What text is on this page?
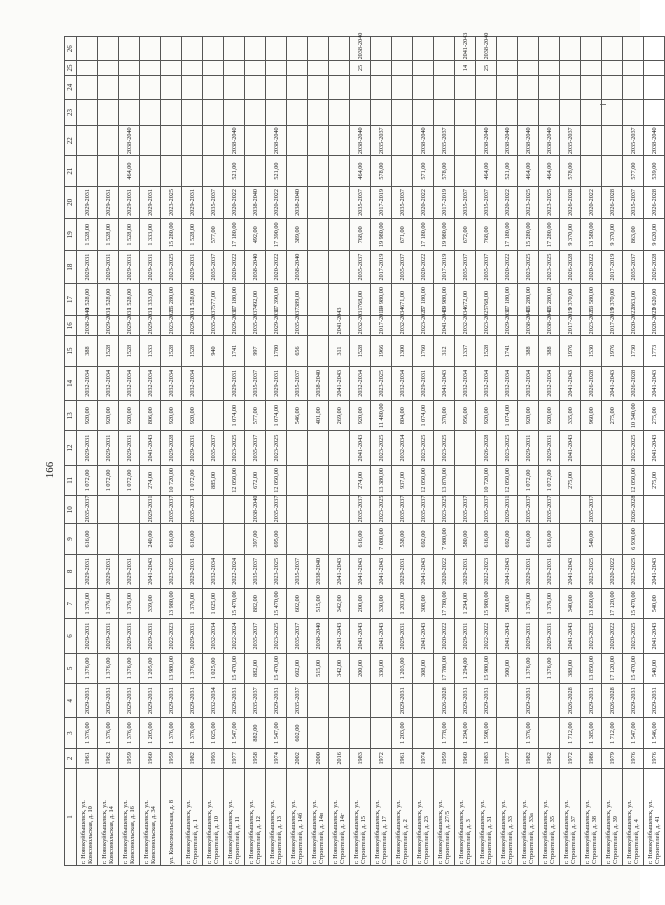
166
1	2	3	4	5	6	7	8	9	10	11	12	13	14	15	16	17	18	19	20	21	22	23	24	25	26
г. Новокуйбышевск, ул. Комсомольская, д. 10	1961	1 376,00	2029-2031	1 376,00	2029-2031	1 376,00	2029-2031	616,00	2035-2037	1 072,00	2029-2031	920,00	2032-2034	388	2038-2040	1 528,00	2029-2031	1 528,00	2029-2031						
г. Новокуйбышевск, ул. Комсомольская, д. 14	1962	1 376,00	2029-2031	1 376,00	2029-2031	1 376,00	2029-2031			1 072,00	2029-2031	920,00	2032-2034	1528	2029-2031	1 528,00	2029-2031	1 528,00	2029-2031						
г. Новокуйбышевск, ул. Комсомольская, д. 16	1959	1 376,00	2029-2031	1 376,00	2029-2031	1 376,00	2029-2031			1 072,00	2029-2031	920,00	2032-2034	1528	2029-2031	1 528,00	2029-2031	1 528,00	2029-2031	464,00	2038-2040				
г. Новокуйбышевск, ул. Комсомольская, д. 34	1960	1 205,00	2029-2031	1 205,00	2029-2031	339,00	2041-2043	240,00	2029-2031	274,00	2041-2043	806,00	2032-2034	1333	2029-2031	1 333,00	2029-2031	1 333,00	2029-2031						
ул. Комсомольская, д. 8	1959	1 376,00	2029-2031	13 980,00	2022-2023	13 980,00	2023-2025	616,00	2035-2037	10 720,00	2029-2028	920,00	2032-2034	1528	2023-2025	15 280,00	2023-2025	15 280,00	2023-2025						
г. Новокуйбышевск, ул. Строителей, д. 1	1982	1 376,00	2029-2031	1 376,00	2029-2031	1 376,00	2029-2031	616,00	2035-2037	1 072,00	2029-2031	920,00	2032-2034	1528	2029-2031	1 528,00	2029-2031	1 528,00	2029-2031						
г. Новокуйбышевск, ул. Строителей, д. 10	1993	1 025,00	2032-2034	1 025,00	2032-2034	1 025,00	2032-2034			885,00	2035-2037			940	2035-2037	577,00	2035-2037	577,00	2035-2037						
г. Новокуйбышевск, ул. Строителей, д. 11	1977	1 547,00	2029-2031	15 470,00	2022-2024	15 470,00	2022-2024			12 050,00	2023-2025	1 074,00	2029-2031	1741	2029-2031	17 180,00	2020-2022	17 180,00	2020-2022	521,00	2038-2040				
г. Новокуйбышевск, ул. Строителей, д. 12	1958	882,00	2035-2037	882,00	2035-2037	882,00	2035-2037	397,00	2038-2040	672,00	2035-2037	577,00	2035-2037	997	2035-2037	492,00	2038-2040	492,00	2038-2040						
г. Новокуйбышевск, ул. Строителей, д. 13	1974	1 547,00	2029-2031	15 470,00	2023-2025	15 470,00	2023-2025	695,00	2035-2037	12 050,00	2023-2025	1 074,00	2029-2031	1780	2029-2031	17 390,00	2020-2022	17 390,00	2020-2022	521,00	2038-2040				
г. Новокуйбышевск, ул. Строителей, д. 14б	2002	602,00	2035-2037	602,00	2035-2037	602,00	2035-2037					546,00	2035-2037	656	2035-2037	389,00	2038-2040	389,00	2038-2040						
г. Новокуйбышевск, ул. Строителей, д. 14в	2000			515,00	2038-2040	515,00	2038-2040					401,00	2038-2040												
г. Новокуйбышевск, ул. Строителей, д. 14г	2016			342,00	2041-2043	342,00	2041-2043					269,00	2041-2043	311	2041-2043										
г. Новокуйбышевск, ул. Строителей, д. 15	1983			200,00	2041-2043	200,00	2041-2043	616,00	2035-2037	274,00	2041-2043	920,00	2032-2034	1528	2032-2031	768,00	2035-2037	768,00	2035-2037	464,00	2038-2040			25	2038-2040
г. Новокуйбышевск, ул. Строителей, д. 17	1972			330,00	2041-2043	330,00	2041-2043	7 080,00	2023-2025	13 380,00	2023-2025	11 480,00	2023-2025	1966	2017-2019	19 980,00	2017-2019	19 980,00	2017-2019	578,00	2035-2037				
г. Новокуйбышевск, ул. Строителей, д. 2	1961	1 203,00	2029-2031	1 203,00	2029-2031	1 203,00	2029-2031	538,00	2035-2037	937,00	2032-2034	804,00	2032-2034	1300	2032-2034	671,00	2035-2037	671,00	2035-2037						
г. Новокуйбышевск, ул. Строителей, д. 23	1974			308,00	2041-2043	308,00	2041-2043	692,00	2035-2037	12 050,00	2023-2025	1 074,00	2029-2031	1760	2023-2025	17 180,00	2020-2022	17 180,00	2020-2022	571,00	2038-2040				
г. Новокуйбышевск, ул. Строителей, д. 27/5	1959	1 778,00	2026-2028	17 780,00	2020-2022	17 780,00	2020-2022	7 980,00	2023-2025	13 870,00	2023-2025	370,00	2041-2043	312	2041-2043	19 980,00	2017-2019	19 980,00	2017-2019	578,00	2035-2037				
г. Новокуйбышевск, ул. Строителей, д. 3	1960	1 294,00	2029-2031	1 294,00	2029-2031	1 294,00	2029-2031	580,00	2035-2037			956,00	2032-2034	1337	2032-2034	672,00	2035-2037	672,00	2035-2037					14	2041-2043
г. Новокуйбышевск, ул. Строителей, д. 31	1983	1 598,00	2029-2031	15 980,00	2022-2022	15 980,00	2022-2023	616,00	2035-2037	10 720,00	2026-2028	920,00	2032-2034	1528	2023-2025	768,00	2035-2037	768,00	2035-2037	464,00	2038-2040			25	2038-2040
г. Новокуйбышевск, ул. Строителей, д. 33	1977			500,00	2041-2043	500,00	2041-2043	692,00	2029-2031	12 050,00	2023-2025	1 074,00	2032-2034	1741	2029-2031	17 180,00	2020-2022	17 180,00	2020-2022	521,00	2038-2040				
г. Новокуйбышевск, ул. Строителей, д. 33а	1982	1 376,00	2029-2031	1 376,00	2029-2031	1 376,00	2029-2031	616,00	2035-2037	1 072,00	2029-2031	920,00	2032-2034	388	2038-2040	15 280,00	2023-2025	15 280,00	2023-2025	464,00	2038-2040				
г. Новокуйбышевск, ул. Строителей, д. 35	1962			1 376,00	2029-2031	1 376,00	2029-2031	616,00	2035-2037	1 072,00	2029-2031	920,00	2032-2034	388	2038-2040	15 280,00	2023-2025	17 280,00	2023-2025	464,00	2038-2040				
г. Новокуйбышевск, ул. Строителей, д. 37	1972	1 712,00	2026-2028	388,00	2041-2043	340,00	2041-2043			275,00	2041-2043	335,00	2041-2043	1976	2017-2019	9 370,00	2026-2028	9 370,00	2026-2028	578,00	2035-2037				
г. Новокуйбышевск, ул. Строителей, д. 38	1986	1 385,00	2029-2031	13 850,00	2023-2025	13 850,00	2023-2025	540,00	2035-2037			960,00	2026-2028	1530	2023-2025	13 580,00	2020-2022	13 580,00	2020-2022						
г. Новокуйбышевск, ул. Строителей, д. 39	1979	1 712,00	2026-2028	17 120,00	2020-2022	17 120,00	2020-2022					275,00	2041-2043	1976	2017-2019	9 370,00	2017-2019	9 370,00	2026-2028						
г. Новокуйбышевск, ул. Строителей, д. 4	1976	1 547,00	2029-2031	15 470,00	2023-2025	15 470,00	2023-2025	6 930,00	2026-2028	12 050,00	2023-2025	10 340,00	2026-2028	1730	2020-2022	863,00	2035-2037	863,00	2035-2037	577,00	2035-2037				
г. Новокуйбышевск, ул. Строителей, д. 41	1976	1 546,00	2029-2031	540,00	2041-2043	540,00	2041-2043			275,00	2041-2043	275,00	2041-2043	1773	2020-2022	9 620,00	2026-2028	9 620,00	2026-2028	539,00	2038-2040				
